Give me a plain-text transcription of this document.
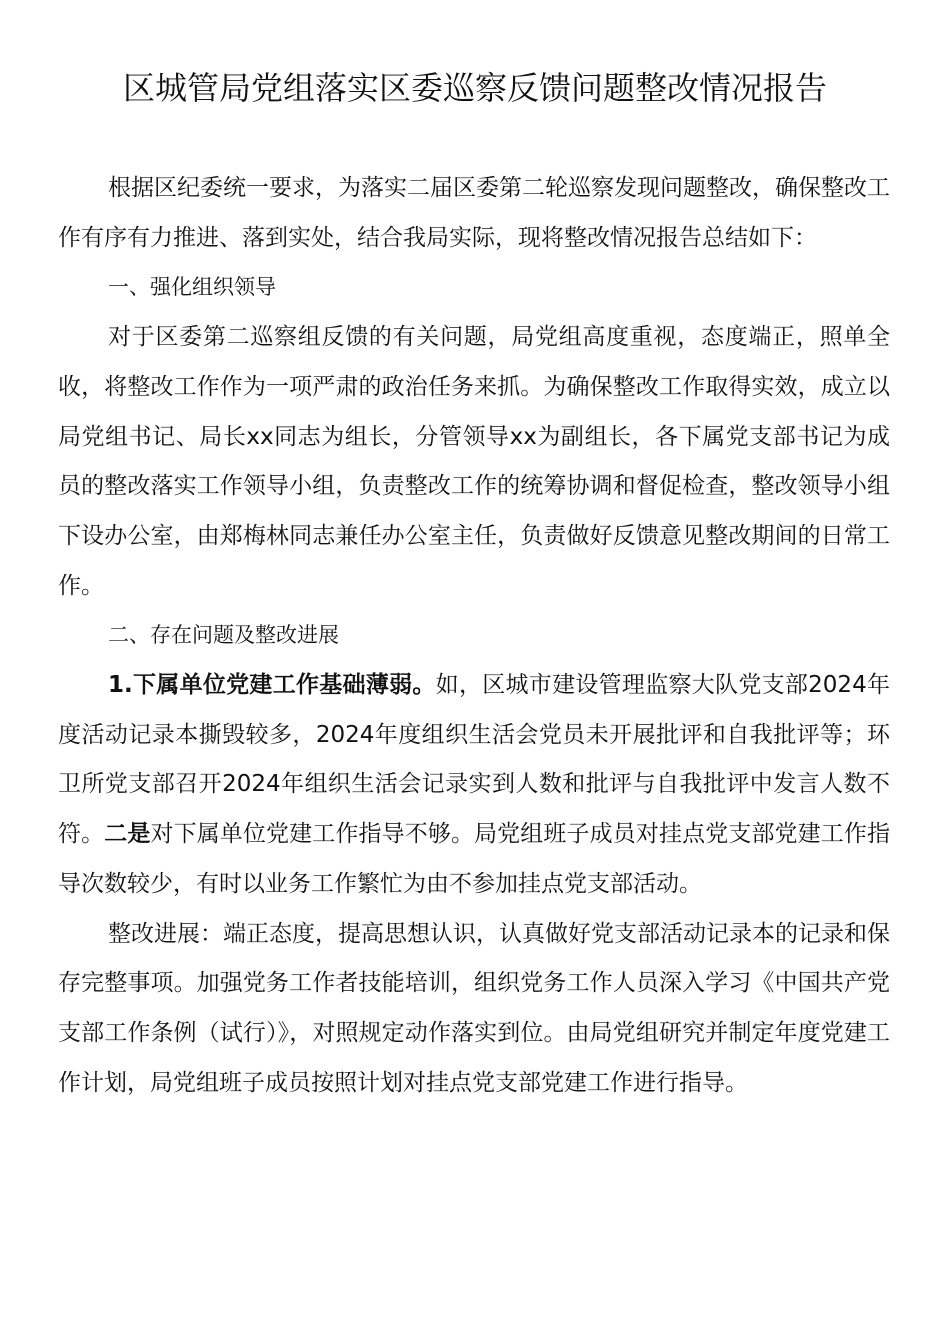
区城管局党组落实区委巡察反馈问题整改情况报告

根据区纪委统一要求，为落实二届区委第二轮巡察发现问题整改，确保整改工作有序有力推进、落到实处，结合我局实际，现将整改情况报告总结如下：

一、强化组织领导

对于区委第二巡察组反馈的有关问题，局党组高度重视，态度端正，照单全收，将整改工作作为一项严肃的政治任务来抓。为确保整改工作取得实效，成立以局党组书记、局长xx同志为组长，分管领导xx为副组长，各下属党支部书记为成员的整改落实工作领导小组，负责整改工作的统筹协调和督促检查，整改领导小组下设办公室，由郑梅林同志兼任办公室主任，负责做好反馈意见整改期间的日常工作。

二、存在问题及整改进展

1.下属单位党建工作基础薄弱。如，区城市建设管理监察大队党支部2024年度活动记录本撕毁较多，2024年度组织生活会党员未开展批评和自我批评等；环卫所党支部召开2024年组织生活会记录实到人数和批评与自我批评中发言人数不符。二是对下属单位党建工作指导不够。局党组班子成员对挂点党支部党建工作指导次数较少，有时以业务工作繁忙为由不参加挂点党支部活动。

整改进展：端正态度，提高思想认识，认真做好党支部活动记录本的记录和保存完整事项。加强党务工作者技能培训，组织党务工作人员深入学习《中国共产党支部工作条例（试行）》，对照规定动作落实到位。由局党组研究并制定年度党建工作计划，局党组班子成员按照计划对挂点党支部党建工作进行指导。
